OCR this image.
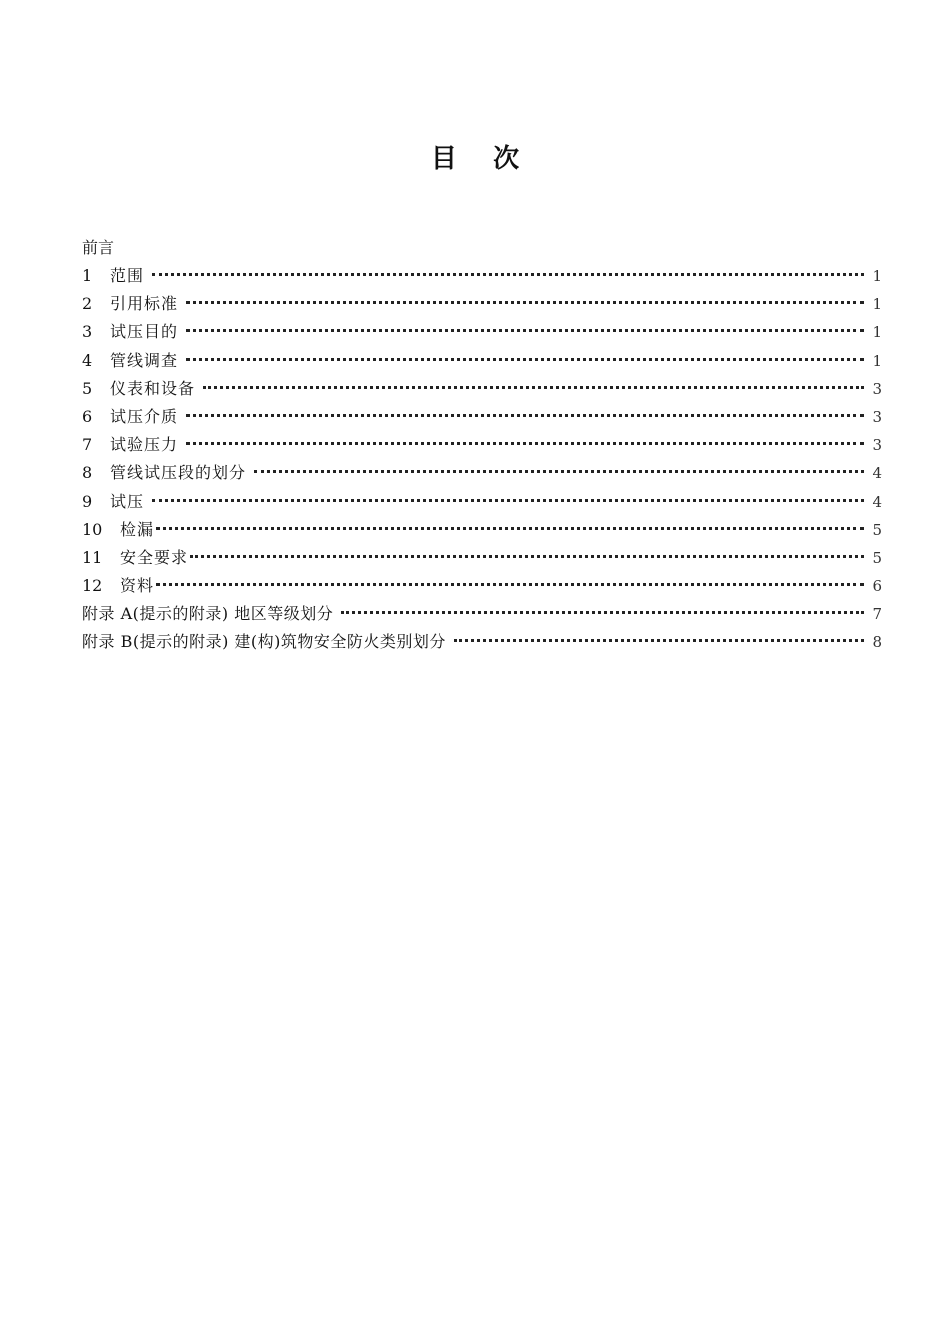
目    次
前言
1	范围	1
2	引用标准	1
3	试压目的	1
4	管线调查	1
5	仪表和设备	3
6	试压介质	3
7	试验压力	3
8	管线试压段的划分	4
9	试压	4
10	检漏	5
11	安全要求	5
12	资料	6
附录 A(提示的附录) 地区等级划分	7
附录 B(提示的附录) 建(构)筑物安全防火类别划分	8
